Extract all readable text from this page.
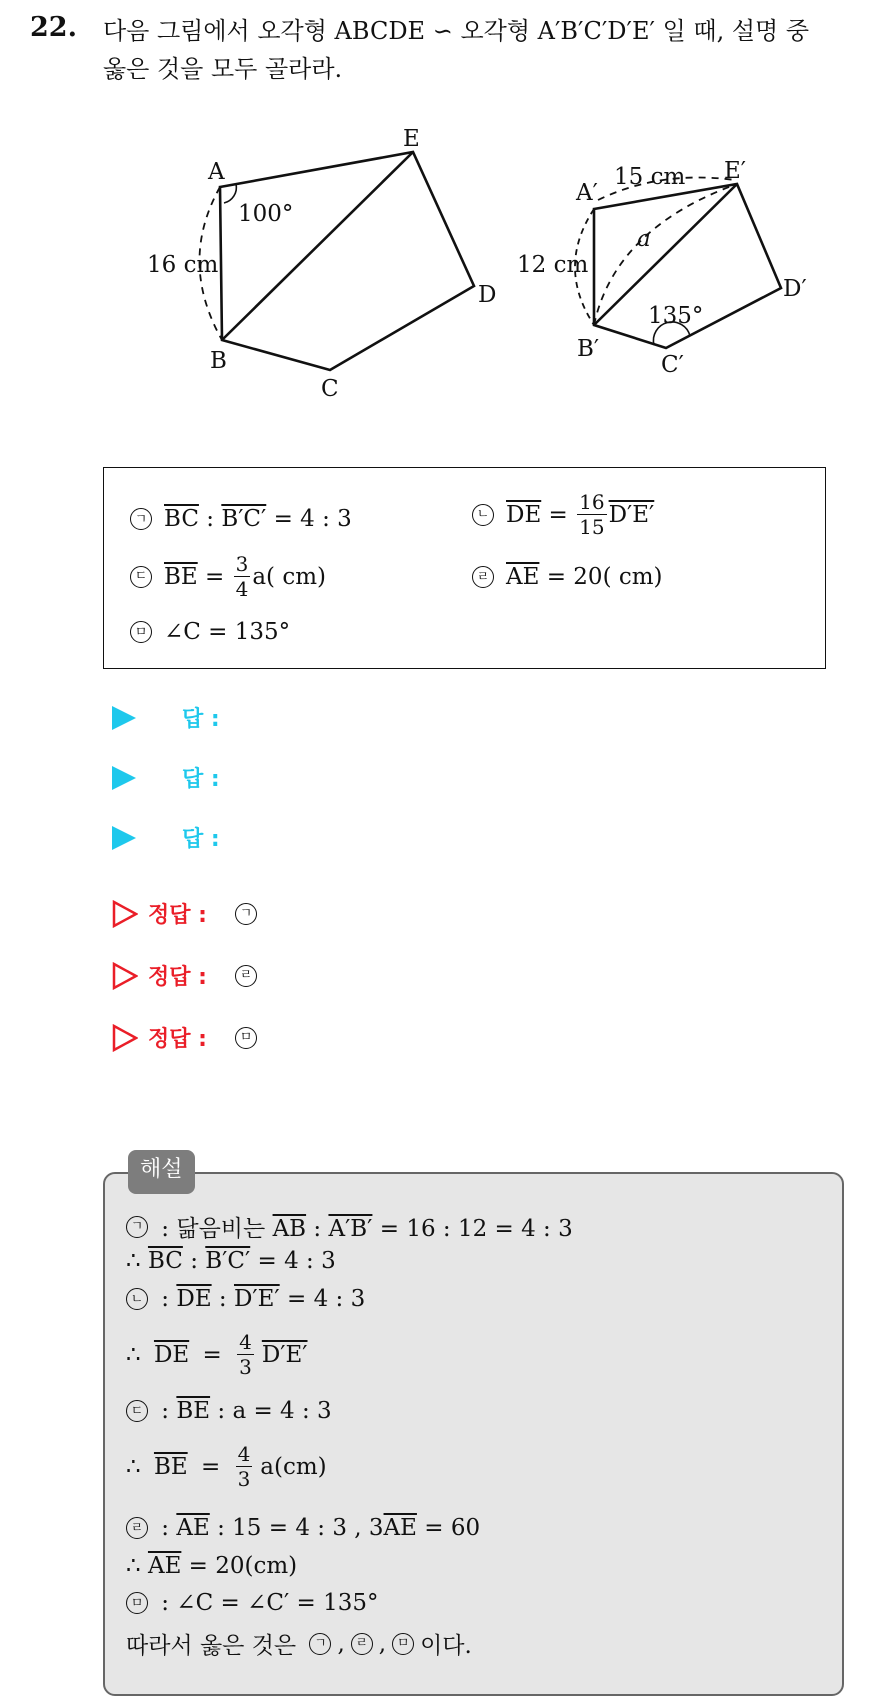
22. 다음 그림에서 오각형 ABCDE ∽ 오각형 A′B′C′D′E′ 일 때, 설명 중
옳은 것을 모두 골라라.
A
E
D
C
B
100°
16 cm
A′
E′
D′
C′
B′
135°
12 cm
15 cm
a
ㄱ $\overline{BC}$ : B′C′ = 4 : 3	ㄴ $\overline{DE} = \frac{16}{15} D'E'$
ㄷ $\overline{BE} = \frac{3}{4} a$( cm)	ㄹ $\overline{AE} = 20$( cm)
ㅁ ∠C = 135°
답 :
답 :
답 :
정답 :	ㄱ
정답 :	ㄹ
정답 :	ㅁ
해설
ㄱ : 닮음비는 $\overline{AB}$ : A′B′ = 16 : 12 = 4 : 3
∴ $\overline{BC}$ : B′C′ = 4 : 3
ㄴ : $\overline{DE}$ : D′E′ = 4 : 3
∴ $\overline{DE} = \frac{4}{3} D'E'$
ㄷ : $\overline{BE}$ : a = 4 : 3
∴ $\overline{BE} = \frac{4}{3} a(cm)$
ㄹ : $\overline{AE}$ : 15 = 4 : 3 , $3\overline{AE} = 60$
∴ $\overline{AE} = 20(cm)$
ㅁ : ∠C = ∠C′ = 135°
따라서 옳은 것은 ㄱ , ㄹ , ㅁ 이다.
